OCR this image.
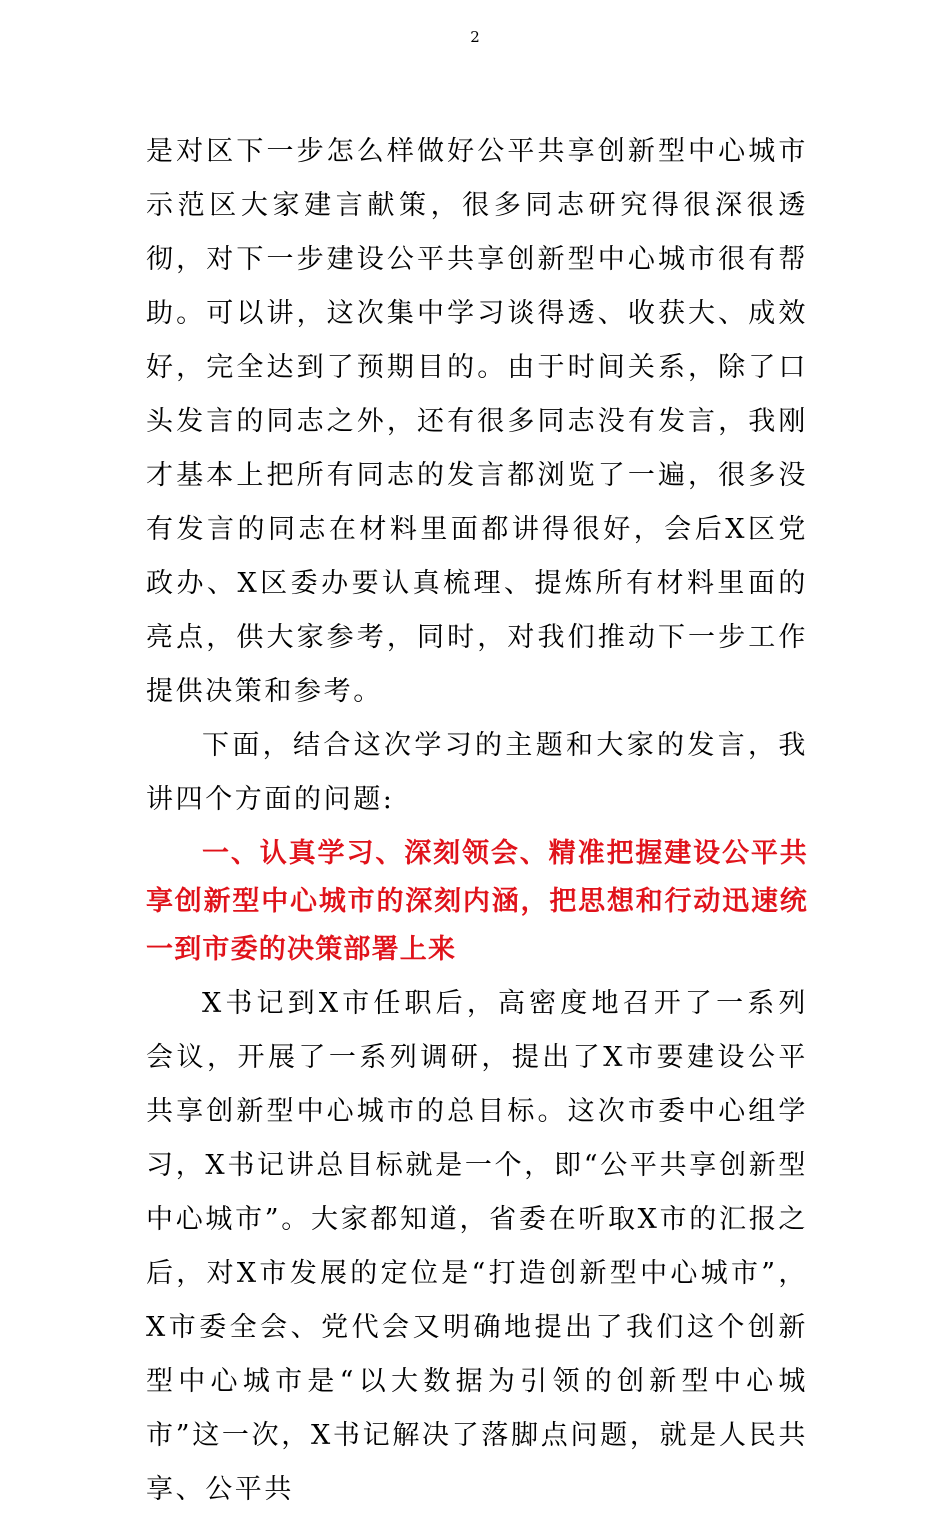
2

是对区下一步怎么样做好公平共享创新型中心城市示范区大家建言献策，很多同志研究得很深很透彻，对下一步建设公平共享创新型中心城市很有帮助。可以讲，这次集中学习谈得透、收获大、成效好，完全达到了预期目的。由于时间关系，除了口头发言的同志之外，还有很多同志没有发言，我刚才基本上把所有同志的发言都浏览了一遍，很多没有发言的同志在材料里面都讲得很好，会后X区党政办、X区委办要认真梳理、提炼所有材料里面的亮点，供大家参考，同时，对我们推动下一步工作提供决策和参考。

下面，结合这次学习的主题和大家的发言，我讲四个方面的问题:

一、认真学习、深刻领会、精准把握建设公平共享创新型中心城市的深刻内涵，把思想和行动迅速统一到市委的决策部署上来

X书记到X市任职后，高密度地召开了一系列会议，开展了一系列调研，提出了X市要建设公平共享创新型中心城市的总目标。这次市委中心组学习，X书记讲总目标就是一个，即“公平共享创新型中心城市”。大家都知道，省委在听取X市的汇报之后，对X市发展的定位是“打造创新型中心城市”，X市委全会、党代会又明确地提出了我们这个创新型中心城市是“以大数据为引领的创新型中心城市”这一次，X书记解决了落脚点问题，就是人民共享、公平共
